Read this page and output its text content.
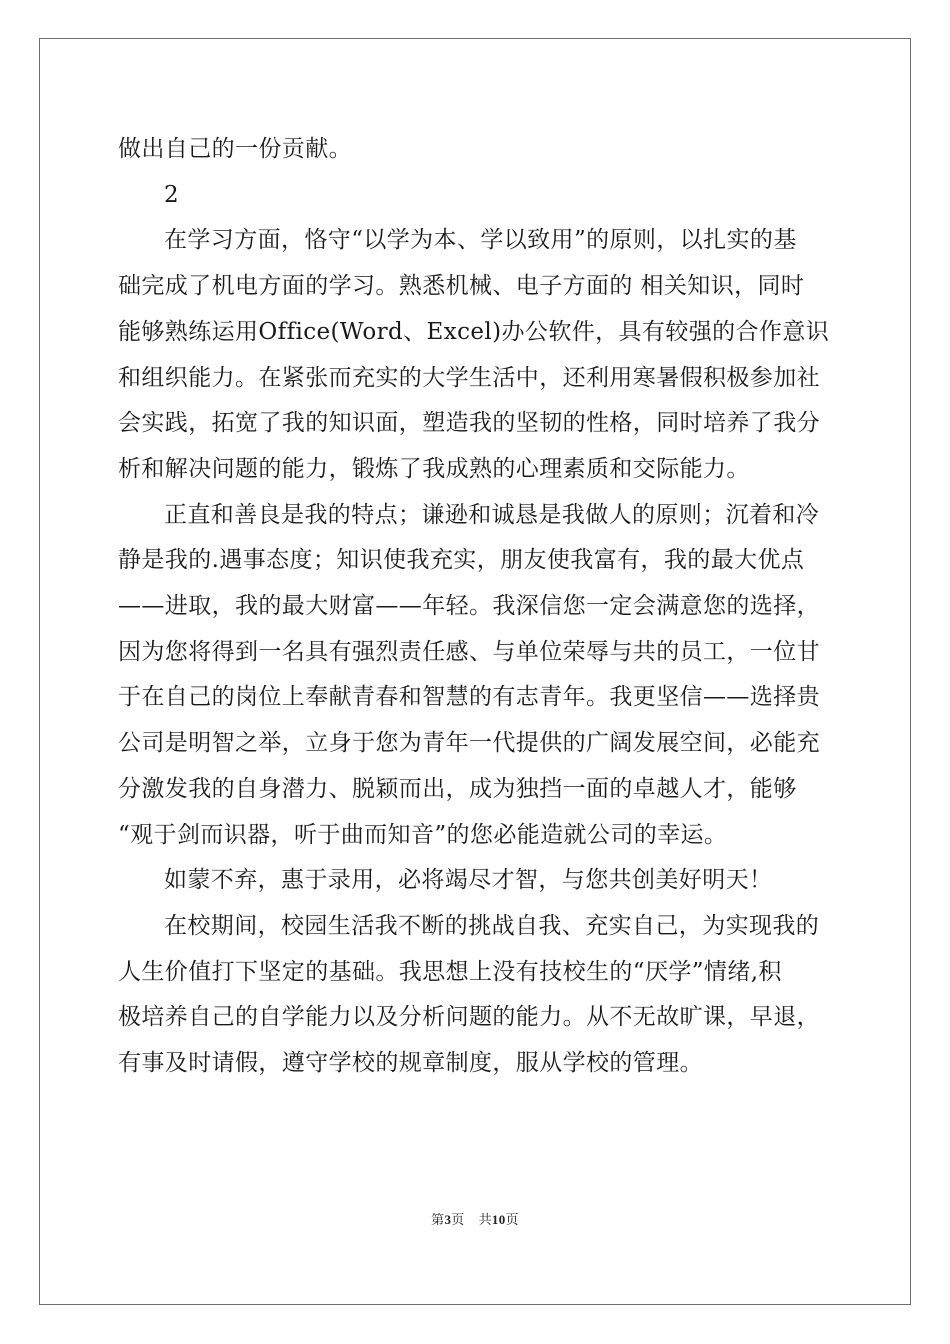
做出自己的一份贡献。
2
在学习方面，恪守“以学为本、学以致用”的原则，以扎实的基
础完成了机电方面的学习。熟悉机械、电子方面的 相关知识，同时
能够熟练运用Office(Word、Excel)办公软件，具有较强的合作意识
和组织能力。在紧张而充实的大学生活中，还利用寒暑假积极参加社
会实践，拓宽了我的知识面，塑造我的坚韧的性格，同时培养了我分
析和解决问题的能力，锻炼了我成熟的心理素质和交际能力。
正直和善良是我的特点；谦逊和诚恳是我做人的原则；沉着和冷
静是我的.遇事态度；知识使我充实，朋友使我富有，我的最大优点
——进取，我的最大财富——年轻。我深信您一定会满意您的选择，
因为您将得到一名具有强烈责任感、与单位荣辱与共的员工，一位甘
于在自己的岗位上奉献青春和智慧的有志青年。我更坚信——选择贵
公司是明智之举，立身于您为青年一代提供的广阔发展空间，必能充
分激发我的自身潜力、脱颖而出，成为独挡一面的卓越人才，能够
“观于剑而识器，听于曲而知音”的您必能造就公司的幸运。
如蒙不弃，惠于录用，必将竭尽才智，与您共创美好明天！
在校期间，校园生活我不断的挑战自我、充实自己，为实现我的
人生价值打下坚定的基础。我思想上没有技校生的“厌学”情绪,积
极培养自己的自学能力以及分析问题的能力。从不无故旷课，早退，
有事及时请假，遵守学校的规章制度，服从学校的管理。
第3页 共10页
